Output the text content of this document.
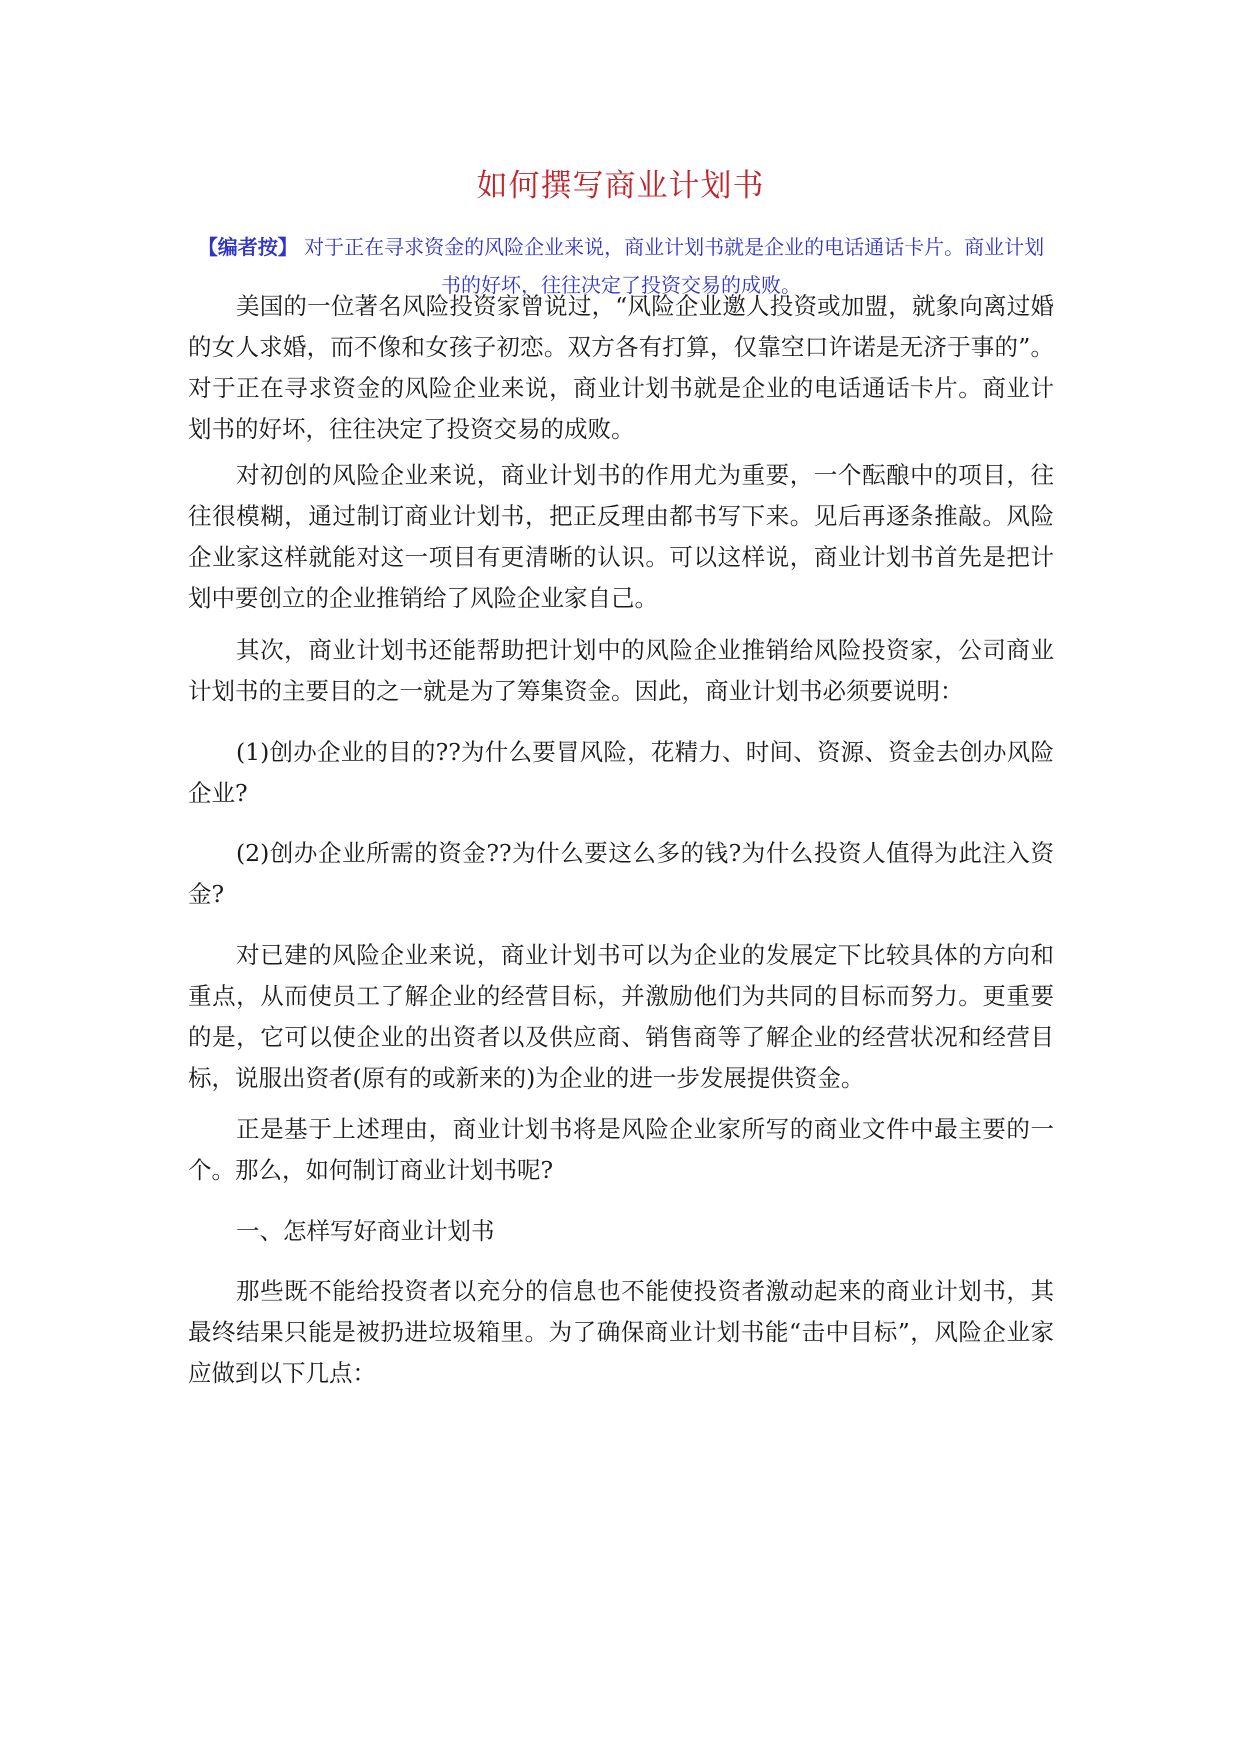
如何撰写商业计划书
【编者按】 对于正在寻求资金的风险企业来说，商业计划书就是企业的电话通话卡片。商业计划书的好坏，往往决定了投资交易的成败。

美国的一位著名风险投资家曾说过，“风险企业邀人投资或加盟，就象向离过婚的女人求婚，而不像和女孩子初恋。双方各有打算，仅靠空口许诺是无济于事的”。对于正在寻求资金的风险企业来说，商业计划书就是企业的电话通话卡片。商业计划书的好坏，往往决定了投资交易的成败。

对初创的风险企业来说，商业计划书的作用尤为重要，一个酝酿中的项目，往往很模糊，通过制订商业计划书，把正反理由都书写下来。见后再逐条推敲。风险企业家这样就能对这一项目有更清晰的认识。可以这样说，商业计划书首先是把计划中要创立的企业推销给了风险企业家自己。

其次，商业计划书还能帮助把计划中的风险企业推销给风险投资家，公司商业计划书的主要目的之一就是为了筹集资金。因此，商业计划书必须要说明：

(1)创办企业的目的??为什么要冒风险，花精力、时间、资源、资金去创办风险企业?

(2)创办企业所需的资金??为什么要这么多的钱?为什么投资人值得为此注入资金?

对已建的风险企业来说，商业计划书可以为企业的发展定下比较具体的方向和重点，从而使员工了解企业的经营目标，并激励他们为共同的目标而努力。更重要的是，它可以使企业的出资者以及供应商、销售商等了解企业的经营状况和经营目标，说服出资者(原有的或新来的)为企业的进一步发展提供资金。

正是基于上述理由，商业计划书将是风险企业家所写的商业文件中最主要的一个。那么，如何制订商业计划书呢?

一、怎样写好商业计划书

那些既不能给投资者以充分的信息也不能使投资者激动起来的商业计划书，其最终结果只能是被扔进垃圾箱里。为了确保商业计划书能“击中目标”，风险企业家应做到以下几点：
